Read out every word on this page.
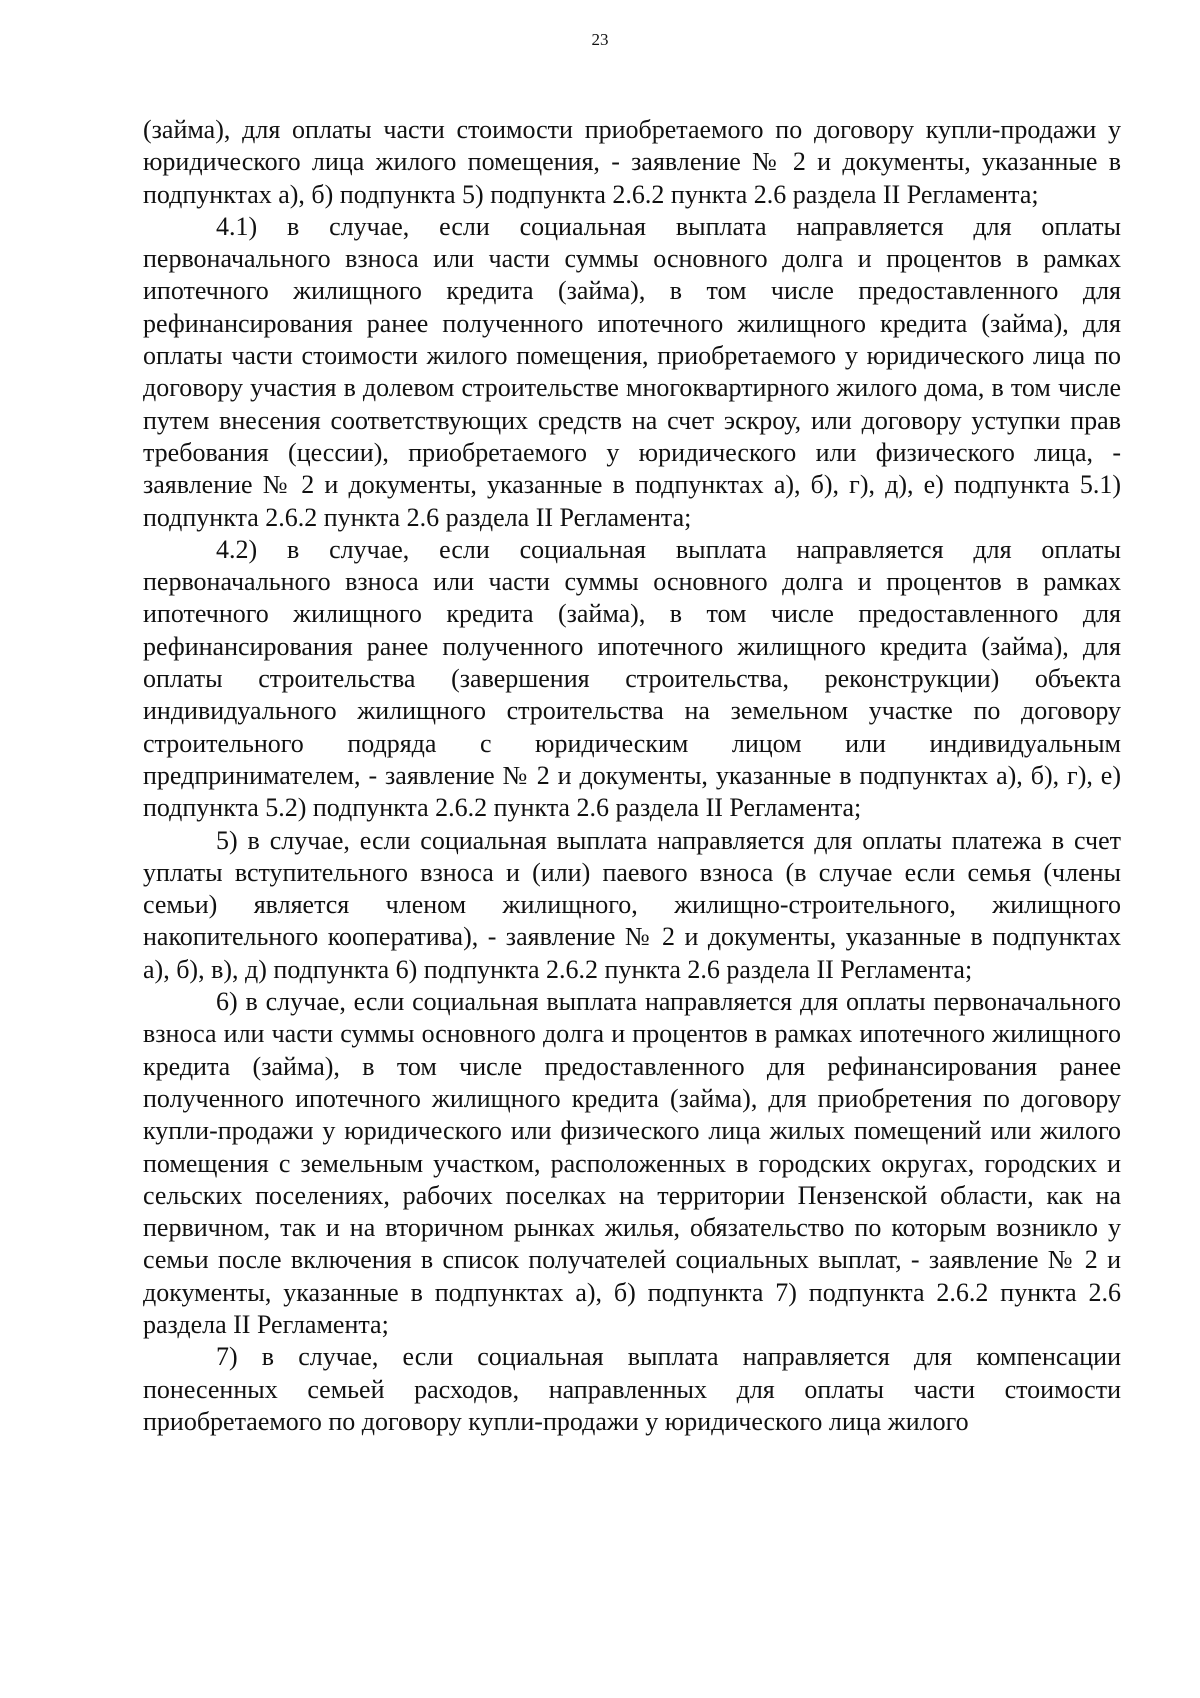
23

(займа), для оплаты части стоимости приобретаемого по договору купли-продажи у юридического лица жилого помещения, - заявление № 2 и документы, указанные в подпунктах а), б) подпункта 5) подпункта 2.6.2 пункта 2.6 раздела II Регламента;

4.1) в случае, если социальная выплата направляется для оплаты первоначального взноса или части суммы основного долга и процентов в рамках ипотечного жилищного кредита (займа), в том числе предоставленного для рефинансирования ранее полученного ипотечного жилищного кредита (займа), для оплаты части стоимости жилого помещения, приобретаемого у юридического лица по договору участия в долевом строительстве многоквартирного жилого дома, в том числе путем внесения соответствующих средств на счет эскроу, или договору уступки прав требования (цессии), приобретаемого у юридического или физического лица, - заявление № 2 и документы, указанные в подпунктах а), б), г), д), е) подпункта 5.1) подпункта 2.6.2 пункта 2.6 раздела II Регламента;

4.2) в случае, если социальная выплата направляется для оплаты первоначального взноса или части суммы основного долга и процентов в рамках ипотечного жилищного кредита (займа), в том числе предоставленного для рефинансирования ранее полученного ипотечного жилищного кредита (займа), для оплаты строительства (завершения строительства, реконструкции) объекта индивидуального жилищного строительства на земельном участке по договору строительного подряда с юридическим лицом или индивидуальным предпринимателем, - заявление № 2 и документы, указанные в подпунктах а), б), г), е) подпункта 5.2) подпункта 2.6.2 пункта 2.6 раздела II Регламента;

5) в случае, если социальная выплата направляется для оплаты платежа в счет уплаты вступительного взноса и (или) паевого взноса (в случае если семья (члены семьи) является членом жилищного, жилищно-строительного, жилищного накопительного кооператива), - заявление № 2 и документы, указанные в подпунктах а), б), в), д) подпункта 6) подпункта 2.6.2 пункта 2.6 раздела II Регламента;

6) в случае, если социальная выплата направляется для оплаты первоначального взноса или части суммы основного долга и процентов в рамках ипотечного жилищного кредита (займа), в том числе предоставленного для рефинансирования ранее полученного ипотечного жилищного кредита (займа), для приобретения по договору купли-продажи у юридического или физического лица жилых помещений или жилого помещения с земельным участком, расположенных в городских округах, городских и сельских поселениях, рабочих поселках на территории Пензенской области, как на первичном, так и на вторичном рынках жилья, обязательство по которым возникло у семьи после включения в список получателей социальных выплат, - заявление № 2 и документы, указанные в подпунктах а), б) подпункта 7) подпункта 2.6.2 пункта 2.6 раздела II Регламента;

7) в случае, если социальная выплата направляется для компенсации понесенных семьей расходов, направленных для оплаты части стоимости приобретаемого по договору купли-продажи у юридического лица жилого
